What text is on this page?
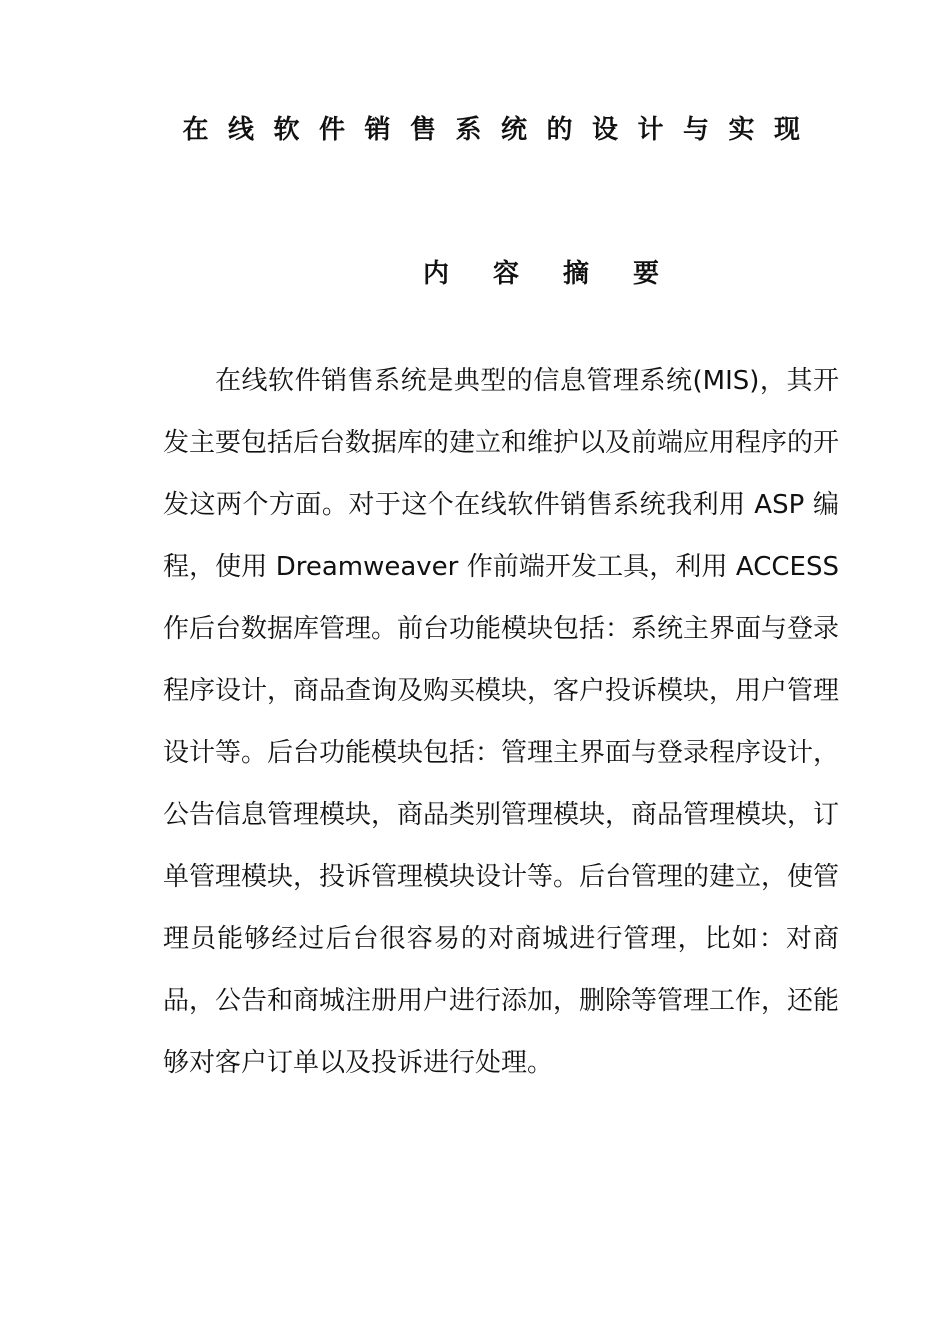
在线软件销售系统的设计与实现
内 容 摘 要

在线软件销售系统是典型的信息管理系统(MIS)，其开发主要包括后台数据库的建立和维护以及前端应用程序的开发这两个方面。对于这个在线软件销售系统我利用 ASP 编程，使用 Dreamweaver 作前端开发工具，利用 ACCESS 作后台数据库管理。前台功能模块包括：系统主界面与登录程序设计，商品查询及购买模块，客户投诉模块，用户管理设计等。后台功能模块包括：管理主界面与登录程序设计，公告信息管理模块，商品类别管理模块，商品管理模块，订单管理模块，投诉管理模块设计等。后台管理的建立，使管理员能够经过后台很容易的对商城进行管理，比如：对商品，公告和商城注册用户进行添加，删除等管理工作，还能够对客户订单以及投诉进行处理。
